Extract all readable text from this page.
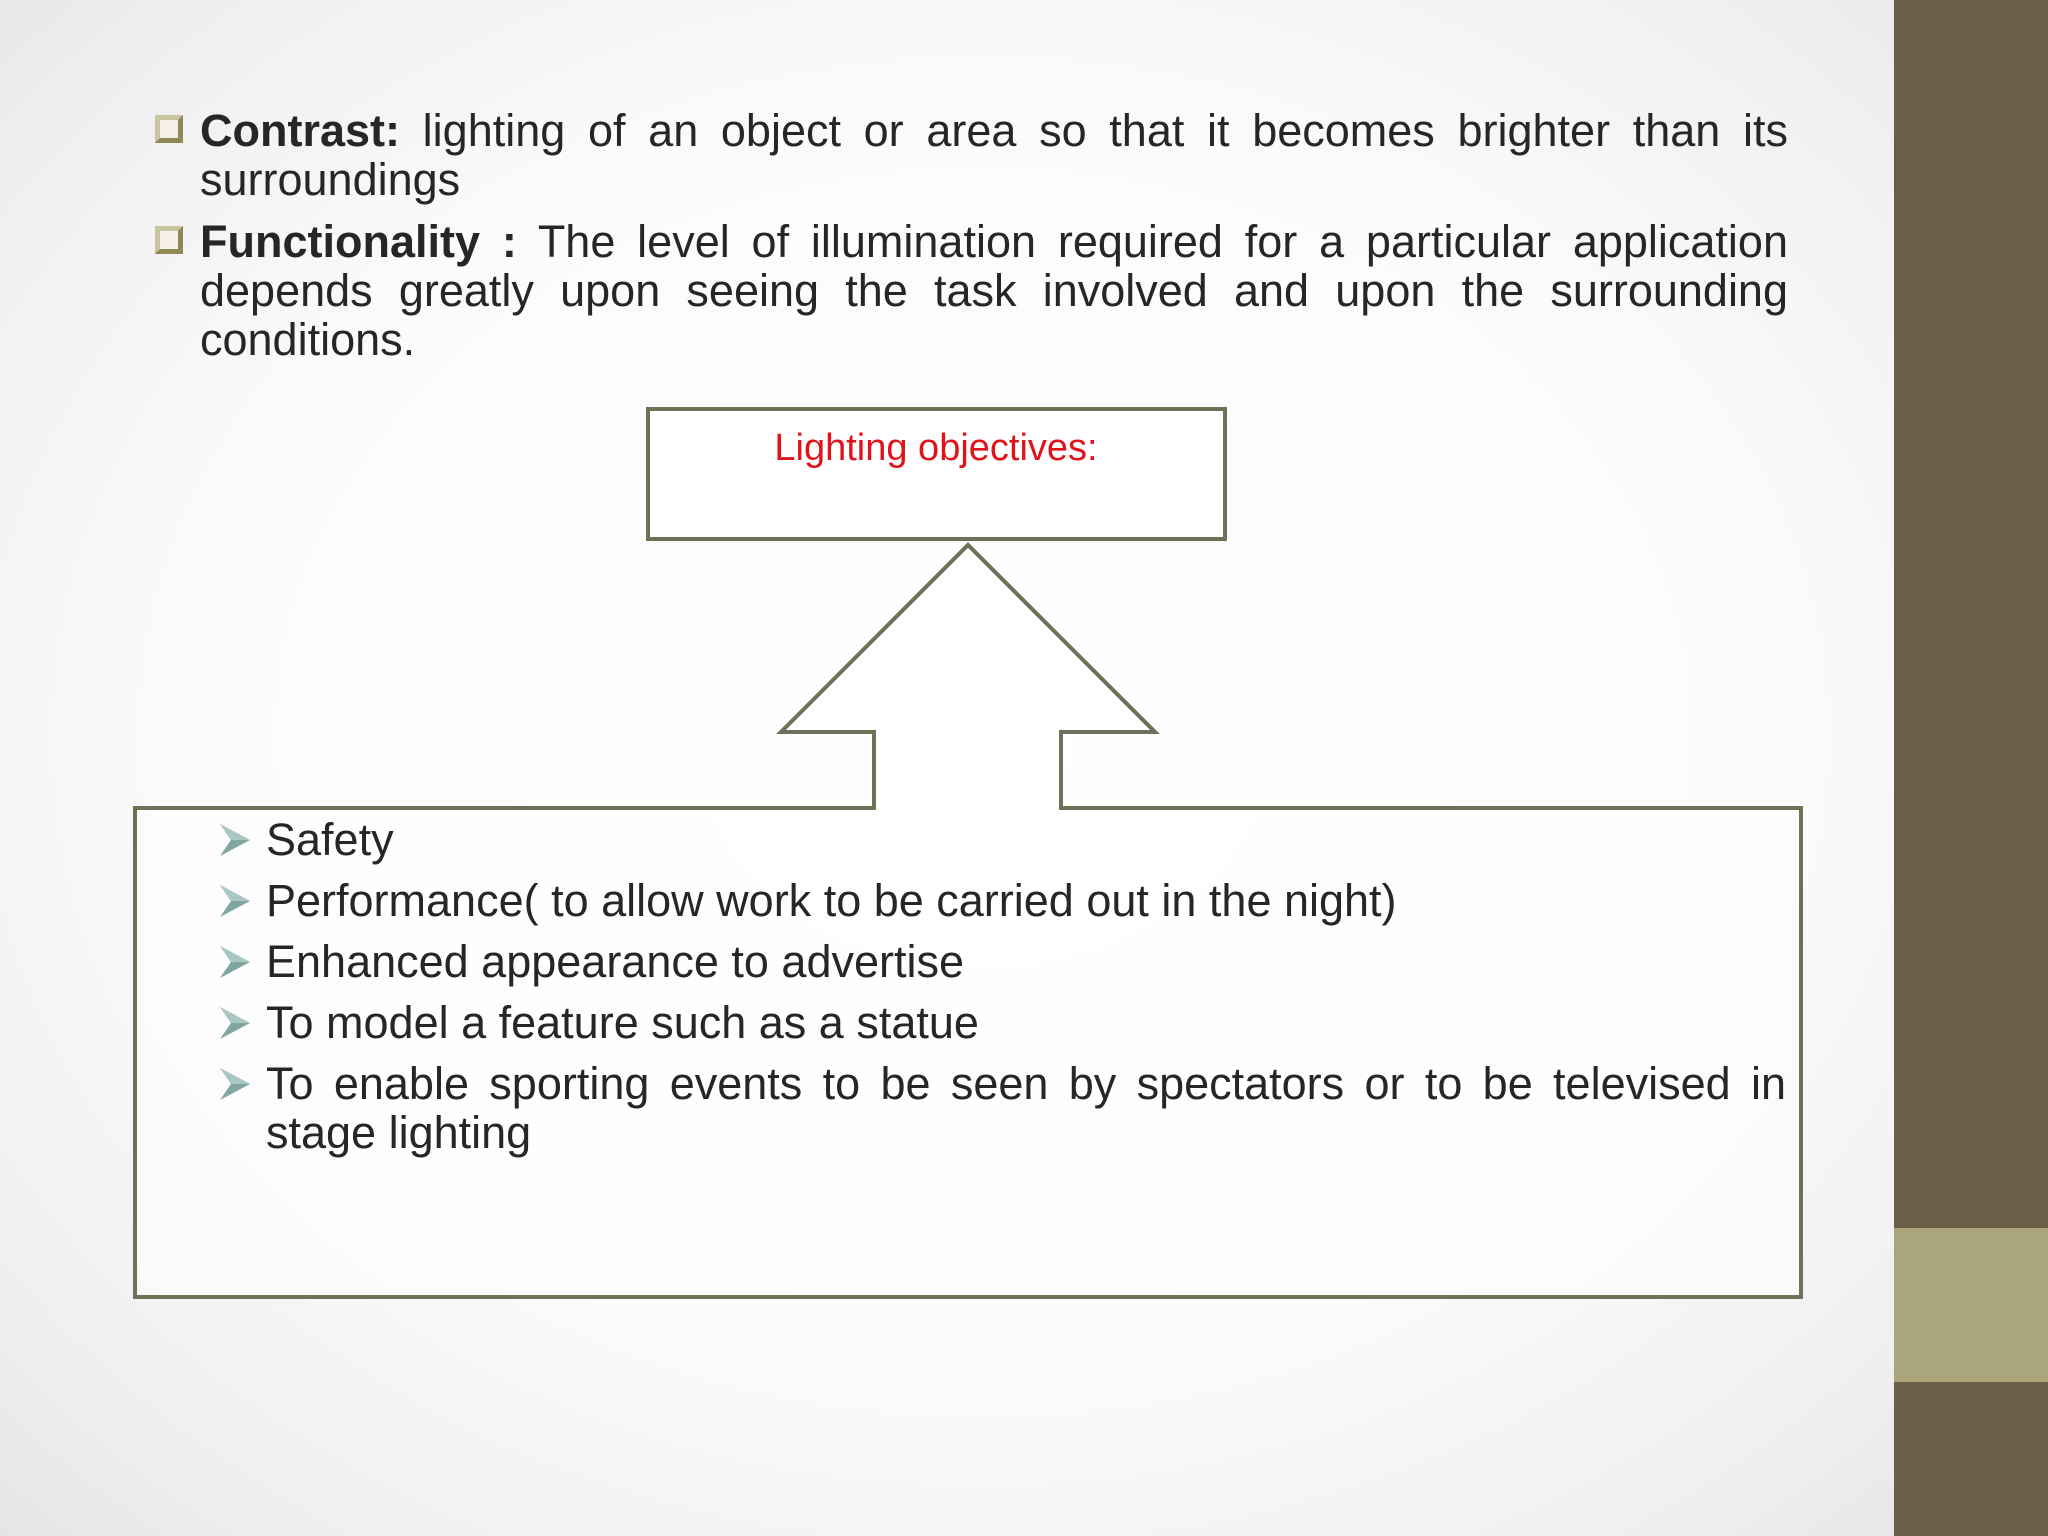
Contrast: lighting of an object or area so that it becomes brighter than its surroundings
Functionality : The level of illumination required for a particular application depends greatly upon seeing the task involved and upon the surrounding conditions.
Lighting objectives:
Safety
Performance( to allow work to be carried out in the night)
Enhanced appearance to advertise
To model a feature such as a statue
To enable sporting events to be seen by spectators or to be televised in stage lighting
